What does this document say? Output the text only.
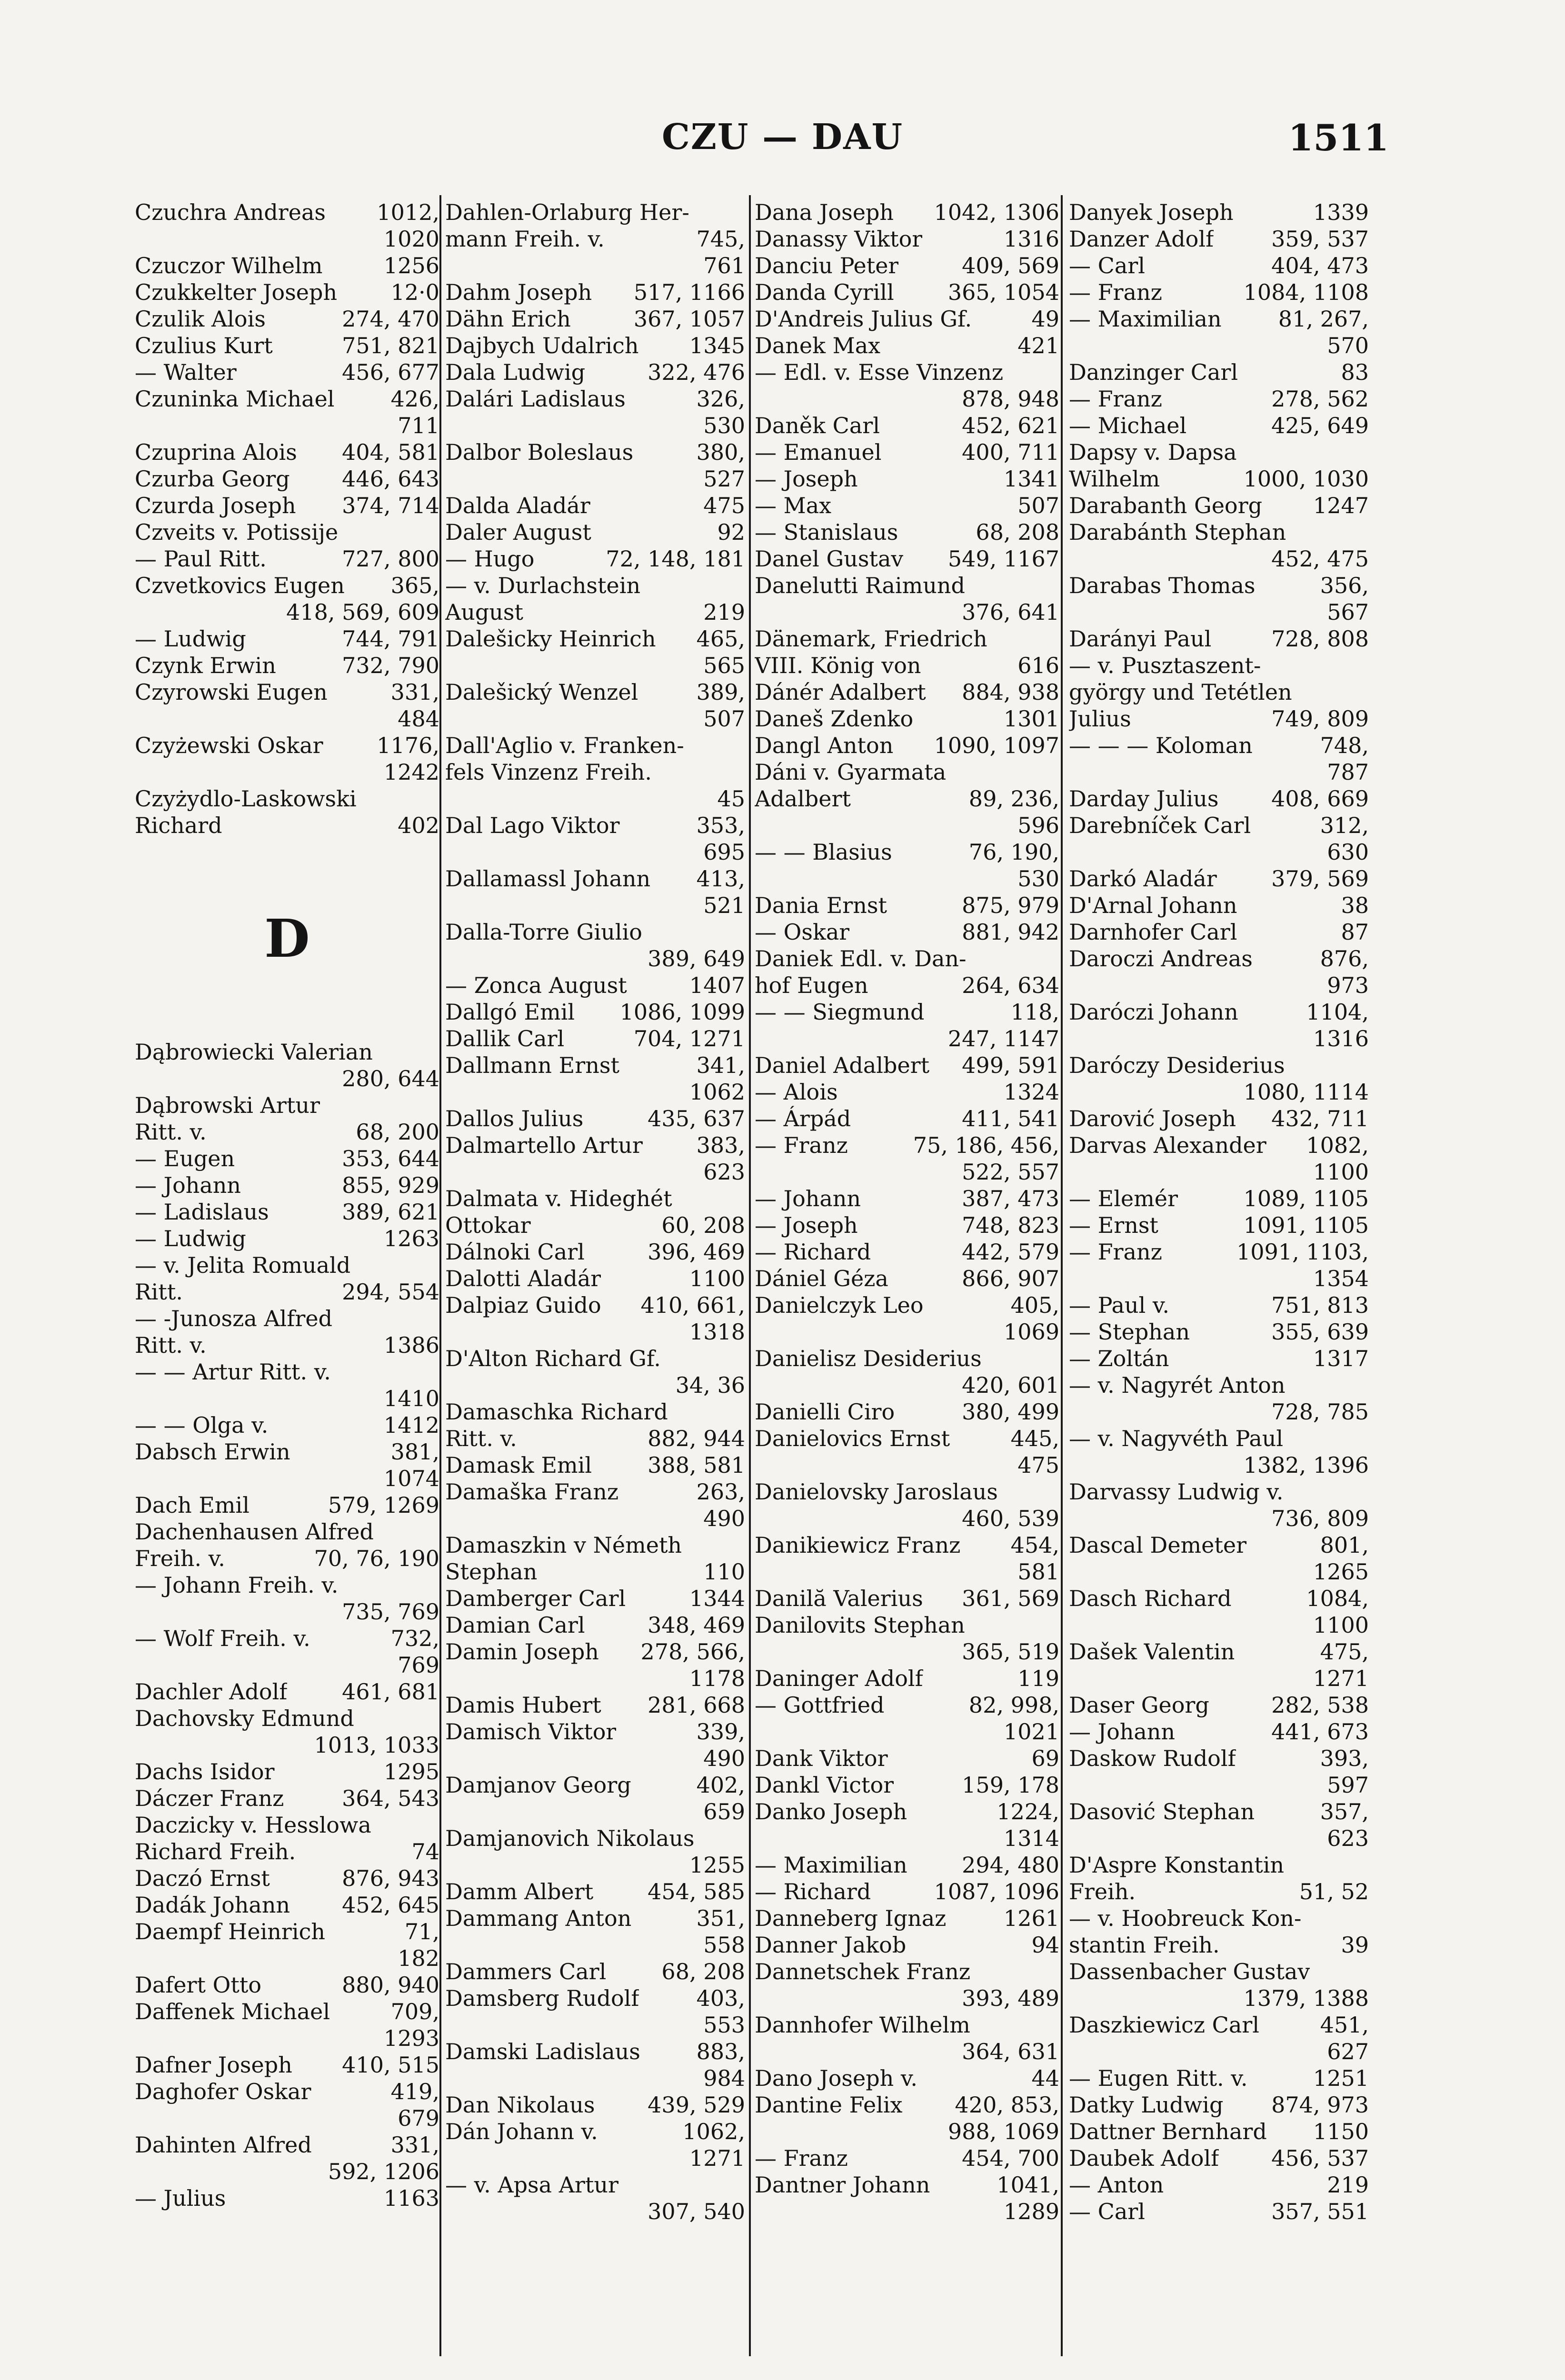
CZU — DAU	1511
Czuchra Andreas 1012,
1020
Czuczor Wilhelm	1256
Czukkelter Joseph 12·0
Czulik Alois	274, 470
Czulius Kurt	751, 821
— Walter	456, 677
Czuninka Michael	426,
711
Czuprina Alois 404, 581
Czurba Georg 446, 643
Czurda Joseph 374, 714
Czveits v. Potissije
— Paul Ritt.	727, 800
Czvetkovics Eugen 365,
418, 569, 609
— Ludwig	744, 791
Czynk Erwin	732, 790
Czyrowski Eugen	331,
484
Czyżewski Oskar 1176,
1242
Czyżydlo-Laskowski
Richard	402
D
Dąbrowiecki Valerian
280, 644
Dąbrowski Artur
Ritt. v.	68, 200
— Eugen	353, 644
— Johann	855, 929
— Ladislaus	389, 621
— Ludwig	1263
— v. Jelita Romuald
Ritt.	294, 554
— -Junosza Alfred
Ritt. v.	1386
— — Artur Ritt. v.
1410
— — Olga v.	1412
Dabsch Erwin	381,
1074
Dach Emil	579, 1269
Dachenhausen Alfred
Freih. v.	70, 76, 190
— Johann Freih. v.
735, 769
— Wolf Freih. v.	732,
769
Dachler Adolf 461, 681
Dachovsky Edmund
1013, 1033
Dachs Isidor	1295
Dáczer Franz	364, 543
Daczicky v. Hesslowa
Richard Freih.	74
Daczó Ernst	876, 943
Dadák Johann 452, 645
Daempf Heinrich	71,
182
Dafert Otto	880, 940
Daffenek Michael	709,
1293
Dafner Joseph 410, 515
Daghofer Oskar	419,
679
Dahinten Alfred	331,
592, 1206
— Julius	1163
Dahlen-Orlaburg Her-
mann Freih. v.	745,
761
Dahm Joseph 517, 1166
Dähn Erich	367, 1057
Dajbych Udalrich 1345
Dala Ludwig	322, 476
Dalári Ladislaus	326,
530
Dalbor Boleslaus	380,
527
Dalda Aladár	475
Daler August	92
— Hugo	72, 148, 181
— v. Durlachstein
August	219
Dalešicky Heinrich 465,
565
Dalešický Wenzel	389,
507
Dall'Aglio v. Franken-
fels Vinzenz Freih.
45
Dal Lago Viktor	353,
695
Dallamassl Johann 413,
521
Dalla-Torre Giulio
389, 649
— Zonca August	1407
Dallgó Emil 1086, 1099
Dallik Carl	704, 1271
Dallmann Ernst	341,
1062
Dallos Julius	435, 637
Dalmartello Artur 383,
623
Dalmata v. Hideghét
Ottokar	60, 208
Dálnoki Carl	396, 469
Dalotti Aladár	1100
Dalpiaz Guido 410, 661,
1318
D'Alton Richard Gf.
34, 36
Damaschka Richard
Ritt. v.	882, 944
Damask Emil	388, 581
Damaška Franz	263,
490
Damaszkin v Németh
Stephan	110
Damberger Carl	1344
Damian Carl	348, 469
Damin Joseph 278, 566,
1178
Damis Hubert 281, 668
Damisch Viktor	339,
490
Damjanov Georg	402,
659
Damjanovich Nikolaus
1255
Damm Albert 454, 585
Dammang Anton	351,
558
Dammers Carl	68, 208
Damsberg Rudolf	403,
553
Damski Ladislaus	883,
984
Dan Nikolaus 439, 529
Dán Johann v.	1062,
1271
— v. Apsa Artur
307, 540
Dana Joseph 1042, 1306
Danassy Viktor	1316
Danciu Peter	409, 569
Danda Cyrill 365, 1054
D'Andreis Julius Gf.	49
Danek Max	421
— Edl. v. Esse Vinzenz
878, 948
Daněk Carl	452, 621
— Emanuel	400, 711
— Joseph	1341
— Max	507
— Stanislaus	68, 208
Danel Gustav 549, 1167
Danelutti Raimund
376, 641
Dänemark, Friedrich
VIII. König von	616
Dánér Adalbert 884, 938
Daneš Zdenko	1301
Dangl Anton 1090, 1097
Dáni v. Gyarmata
Adalbert	89, 236,
596
— — Blasius	76, 190,
530
Dania Ernst	875, 979
— Oskar	881, 942
Daniek Edl. v. Dan-
hof Eugen	264, 634
— — Siegmund	118,
247, 1147
Daniel Adalbert 499, 591
— Alois	1324
— Árpád	411, 541
— Franz	75, 186, 456,
522, 557
— Johann	387, 473
— Joseph	748, 823
— Richard	442, 579
Dániel Géza	866, 907
Danielczyk Leo	405,
1069
Danielisz Desiderius
420, 601
Danielli Ciro	380, 499
Danielovics Ernst	445,
475
Danielovsky Jaroslaus
460, 539
Danikiewicz Franz 454,
581
Danilă Valerius 361, 569
Danilovits Stephan
365, 519
Daninger Adolf	119
— Gottfried	82, 998,
1021
Dank Viktor	69
Dankl Victor	159, 178
Danko Joseph	1224,
1314
— Maximilian 294, 480
— Richard	1087, 1096
Danneberg Ignaz	1261
Danner Jakob	94
Dannetschek Franz
393, 489
Dannhofer Wilhelm
364, 631
Dano Joseph v.	44
Dantine Felix 420, 853,
988, 1069
— Franz	454, 700
Dantner Johann	1041,
1289
Danyek Joseph	1339
Danzer Adolf	359, 537
— Carl	404, 473
— Franz	1084, 1108
— Maximilian	81, 267,
570
Danzinger Carl	83
— Franz	278, 562
— Michael	425, 649
Dapsy v. Dapsa
Wilhelm	1000, 1030
Darabanth Georg 1247
Darabánth Stephan
452, 475
Darabas Thomas	356,
567
Darányi Paul	728, 808
— v. Pusztaszent-
györgy und Tetétlen
Julius	749, 809
— — — Koloman	748,
787
Darday Julius 408, 669
Darebníček Carl	312,
630
Darkó Aladár 379, 569
D'Arnal Johann	38
Darnhofer Carl	87
Daroczi Andreas	876,
973
Daróczi Johann	1104,
1316
Daróczy Desiderius
1080, 1114
Darović Joseph 432, 711
Darvas Alexander 1082,
1100
— Elemér	1089, 1105
— Ernst	1091, 1105
— Franz	1091, 1103,
1354
— Paul v.	751, 813
— Stephan	355, 639
— Zoltán	1317
— v. Nagyrét Anton
728, 785
— v. Nagyvéth Paul
1382, 1396
Darvassy Ludwig v.
736, 809
Dascal Demeter	801,
1265
Dasch Richard	1084,
1100
Dašek Valentin	475,
1271
Daser Georg	282, 538
— Johann	441, 673
Daskow Rudolf	393,
597
Dasović Stephan	357,
623
D'Aspre Konstantin
Freih.	51, 52
— v. Hoobreuck Kon-
stantin Freih.	39
Dassenbacher Gustav
1379, 1388
Daszkiewicz Carl	451,
627
— Eugen Ritt. v.	1251
Datky Ludwig 874, 973
Dattner Bernhard 1150
Daubek Adolf 456, 537
— Anton	219
— Carl	357, 551
